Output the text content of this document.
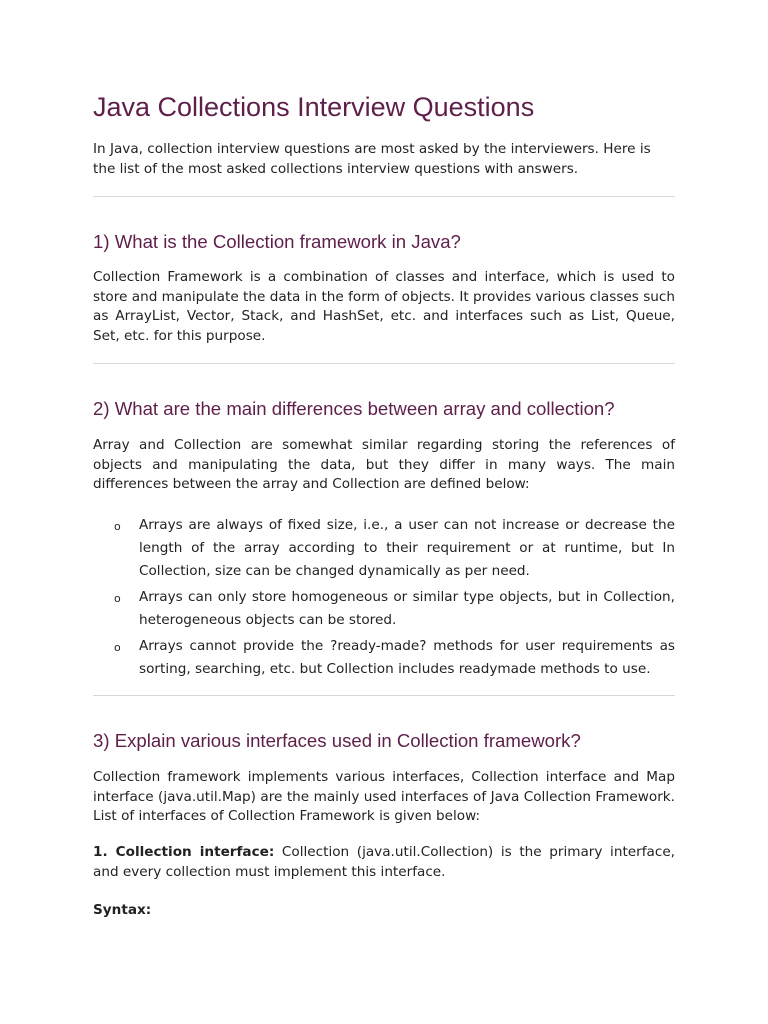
Java Collections Interview Questions

In Java, collection interview questions are most asked by the interviewers. Here is the list of the most asked collections interview questions with answers.

1) What is the Collection framework in Java?

Collection Framework is a combination of classes and interface, which is used to store and manipulate the data in the form of objects. It provides various classes such as ArrayList, Vector, Stack, and HashSet, etc. and interfaces such as List, Queue, Set, etc. for this purpose.

2) What are the main differences between array and collection?

Array and Collection are somewhat similar regarding storing the references of objects and manipulating the data, but they differ in many ways. The main differences between the array and Collection are defined below:

o Arrays are always of fixed size, i.e., a user can not increase or decrease the length of the array according to their requirement or at runtime, but In Collection, size can be changed dynamically as per need.
o Arrays can only store homogeneous or similar type objects, but in Collection, heterogeneous objects can be stored.
o Arrays cannot provide the ?ready-made? methods for user requirements as sorting, searching, etc. but Collection includes readymade methods to use.
3) Explain various interfaces used in Collection framework?

Collection framework implements various interfaces, Collection interface and Map interface (java.util.Map) are the mainly used interfaces of Java Collection Framework. List of interfaces of Collection Framework is given below:

1. Collection interface: Collection (java.util.Collection) is the primary interface, and every collection must implement this interface.

Syntax:
